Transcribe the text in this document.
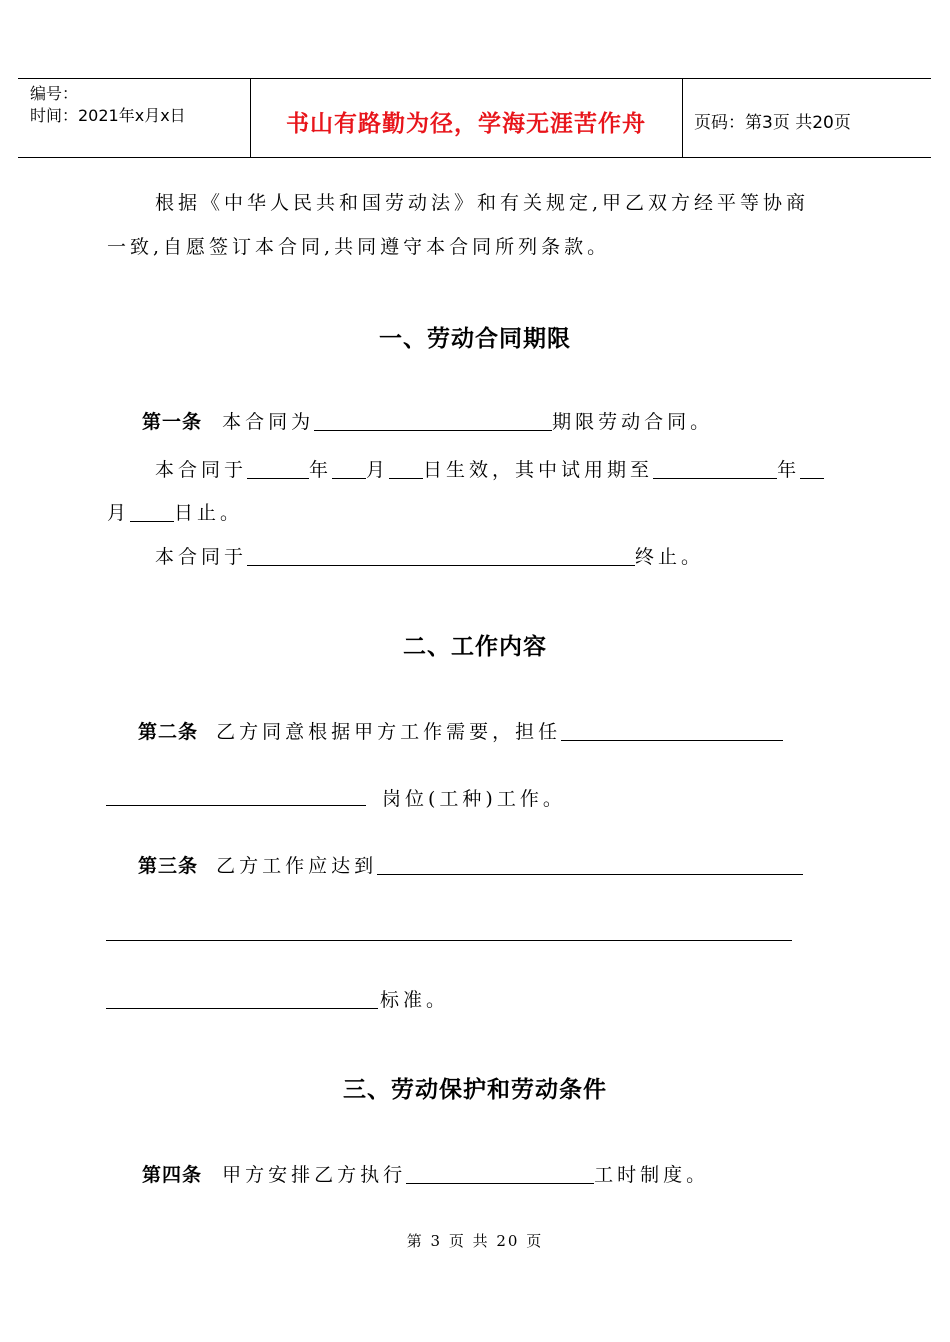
编号：
时间：2021年x月x日	书山有路勤为径，学海无涯苦作舟	页码：第3页 共20页
根据《中华人民共和国劳动法》和有关规定,甲乙双方经平等协商
一致,自愿签订本合同,共同遵守本合同所列条款。
一、劳动合同期限
第一条 本合同为	期限劳动合同。
本合同于	年 月 日生效，其中试用期至	年
月 日止。
本合同于	终止。
二、工作内容
第二条 乙方同意根据甲方工作需要，担任
岗位(工种)工作。
第三条 乙方工作应达到
标准。
三、劳动保护和劳动条件
第四条 甲方安排乙方执行	工时制度。
第 3 页 共 20 页
